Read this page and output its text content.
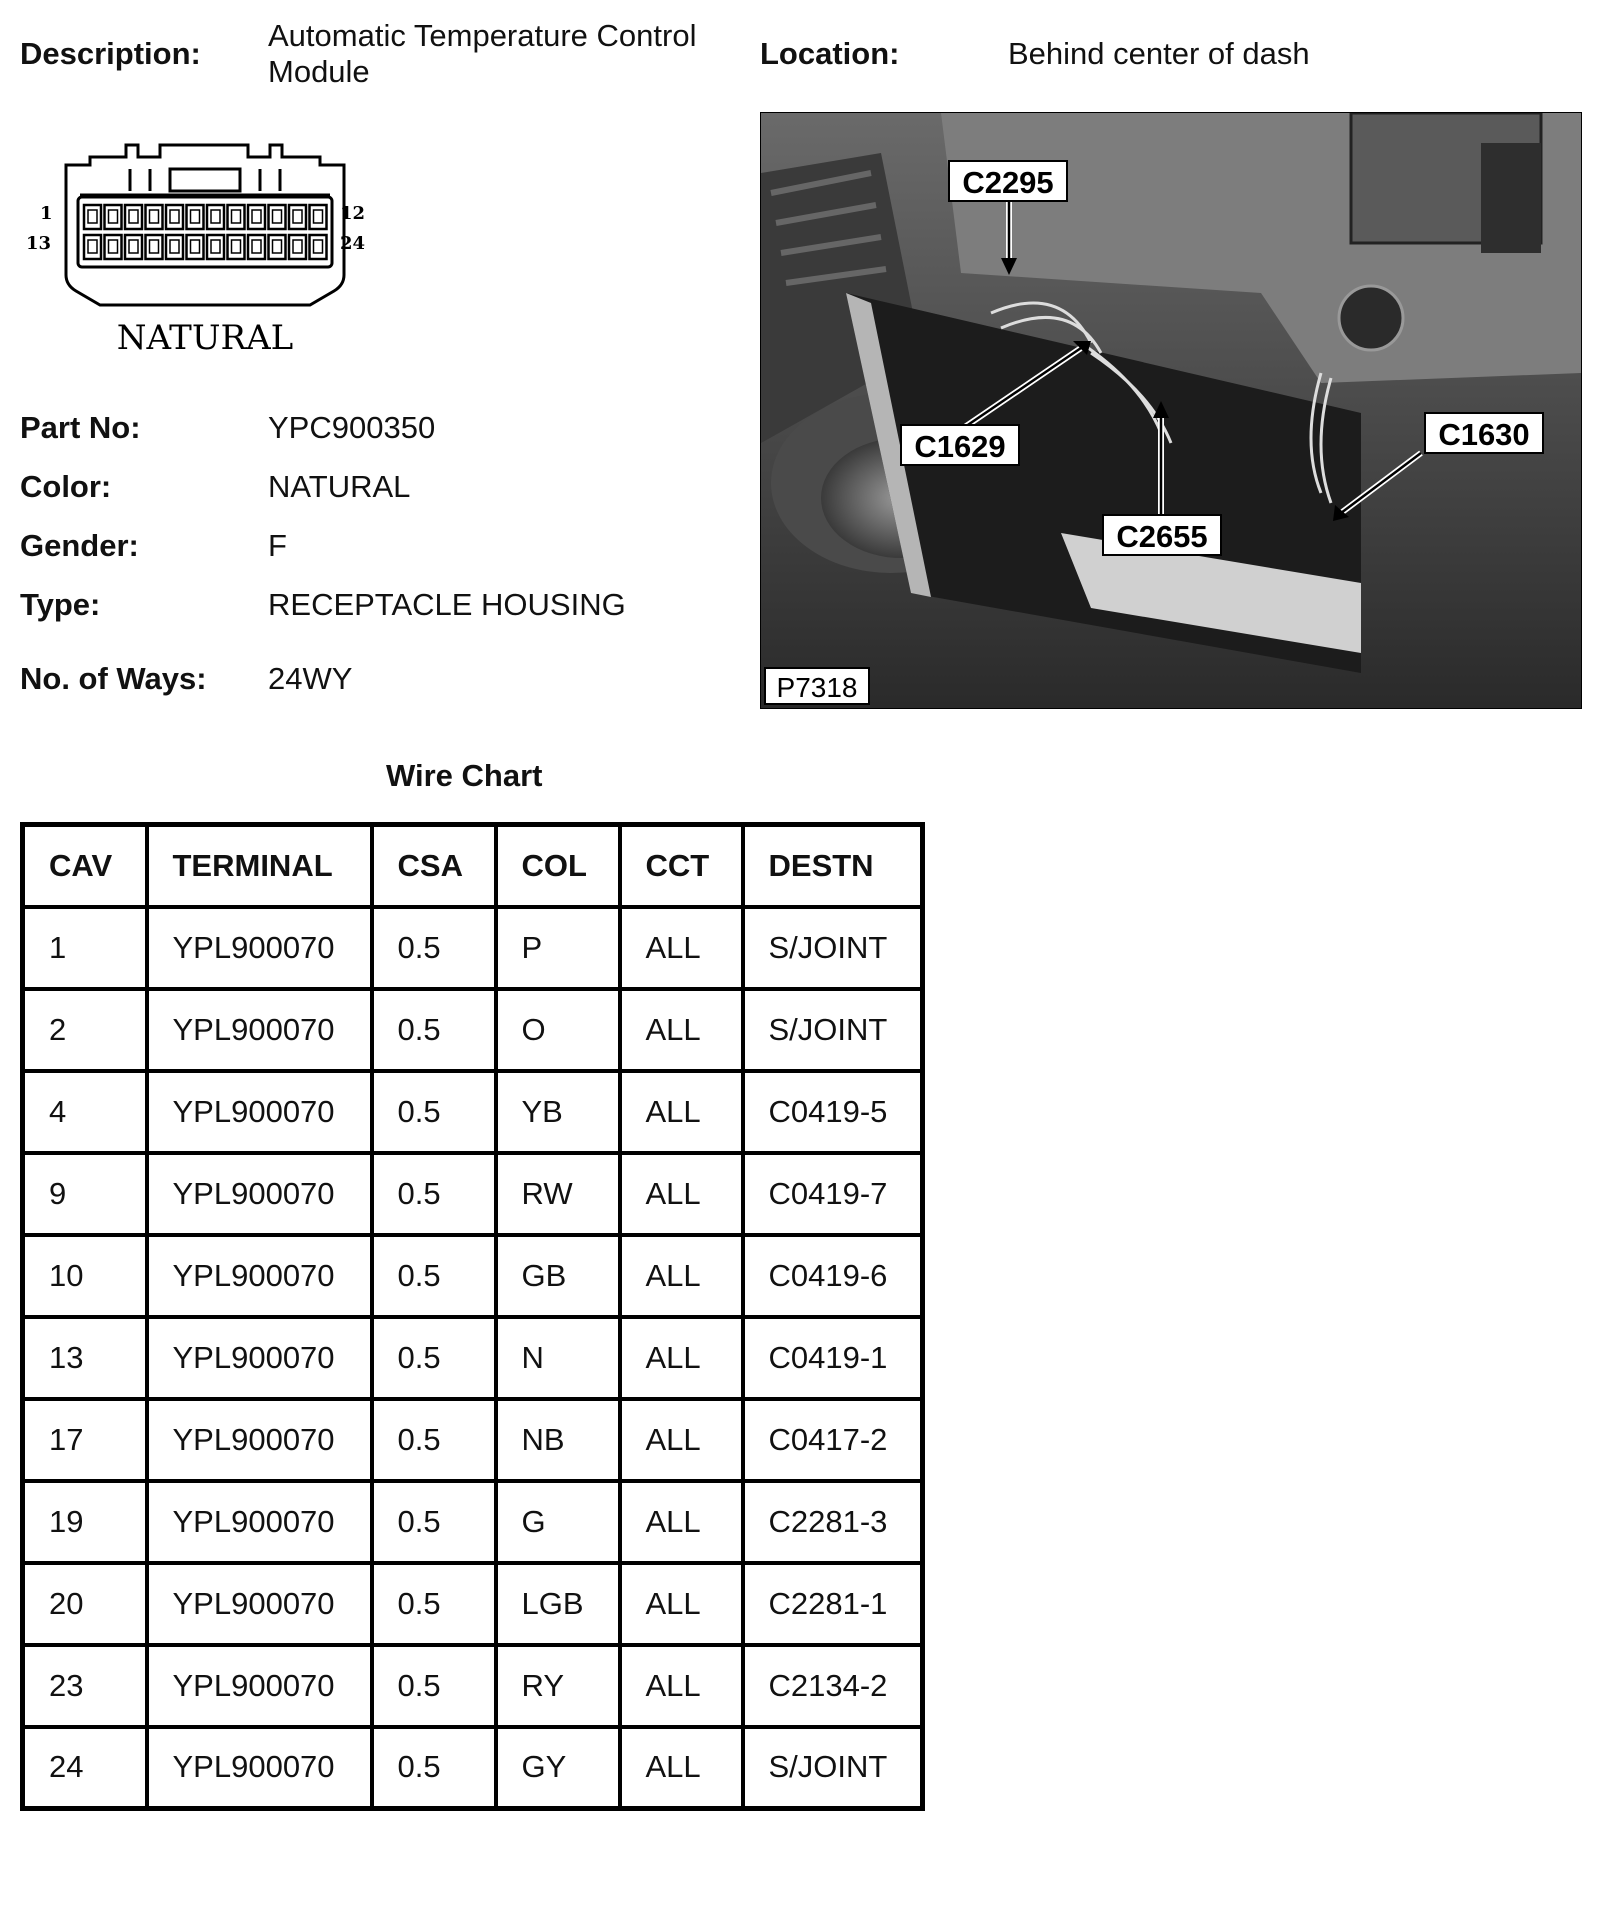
Description:
Automatic Temperature Control Module
Location:	Behind center of dash
1
13
12
24
NATURAL
Part No:	YPC900350
Color:	NATURAL
Gender:	F
Type:	RECEPTACLE HOUSING
No. of Ways: 24WY
C2295
C1629
C2655
C1630
P7318
Wire Chart
CAV	TERMINAL	CSA	COL	CCT	DESTN
1	YPL900070	0.5	P	ALL	S/JOINT
2	YPL900070	0.5	O	ALL	S/JOINT
4	YPL900070	0.5	YB	ALL	C0419-5
9	YPL900070	0.5	RW	ALL	C0419-7
10	YPL900070	0.5	GB	ALL	C0419-6
13	YPL900070	0.5	N	ALL	C0419-1
17	YPL900070	0.5	NB	ALL	C0417-2
19	YPL900070	0.5	G	ALL	C2281-3
20	YPL900070	0.5	LGB	ALL	C2281-1
23	YPL900070	0.5	RY	ALL	C2134-2
24	YPL900070	0.5	GY	ALL	S/JOINT
